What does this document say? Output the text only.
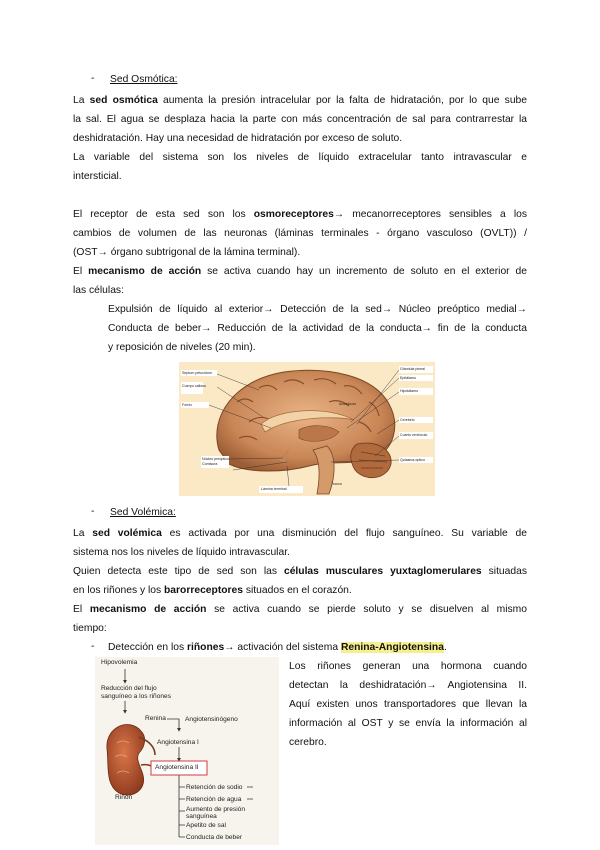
- Sed Osmótica:
La sed osmótica aumenta la presión intracelular por la falta de hidratación, por lo que sube
la sal. El agua se desplaza hacia la parte con más concentración de sal para contrarrestar la
deshidratación. Hay una necesidad de hidratación por exceso de soluto.
La variable del sistema son los niveles de líquido extracelular tanto intravascular e
intersticial.
El receptor de esta sed son los osmoreceptores→ mecanorreceptores sensibles a los
cambios de volumen de las neuronas (láminas terminales - órgano vasculoso (OVLT)) /
(OST→ órgano subtrigonal de la lámina terminal).
El mecanismo de acción se activa cuando hay un incremento de soluto en el exterior de
las células:
Expulsión de líquido al exterior→ Detección de la sed→ Núcleo preóptico medial→
Conducta de beber→ Reducción de la actividad de la conducta→ fin de la conducta
y reposición de niveles (20 min).
Septum pelucidum
Cuerpo calloso
Fórnix
Glándula pineal
Epitálamo
Hipotálamo
Cerebelo
Cuarto ventrículo
Quiasma óptico
Núcleo preóptico
Comisura
Lámina terminal
Acueducto
Tronco
- Sed Volémica:
La sed volémica es activada por una disminución del flujo sanguíneo. Su variable de
sistema nos los niveles de líquido intravascular.
Quien detecta este tipo de sed son las células musculares yuxtaglomerulares situadas
en los riñones y los barorreceptores situados en el corazón.
El mecanismo de acción se activa cuando se pierde soluto y se disuelven al mismo
tiempo:
- Detección en los riñones→ activación del sistema Renina-Angiotensina.
Los riñones generan una hormona cuando
detectan la deshidratación→ Angiotensina II.
Aquí existen unos transportadores que llevan la
información al OST y se envía la información al
cerebro.
Hipovolemia
Reducción del flujo
sanguíneo a los riñones
Renina	Angiotensinógeno
Angiotensina I
Angiotensina II
Riñón
Retención de sodio
Retención de agua
Aumento de presión
sanguínea
Apetito de sal
Conducta de beber
